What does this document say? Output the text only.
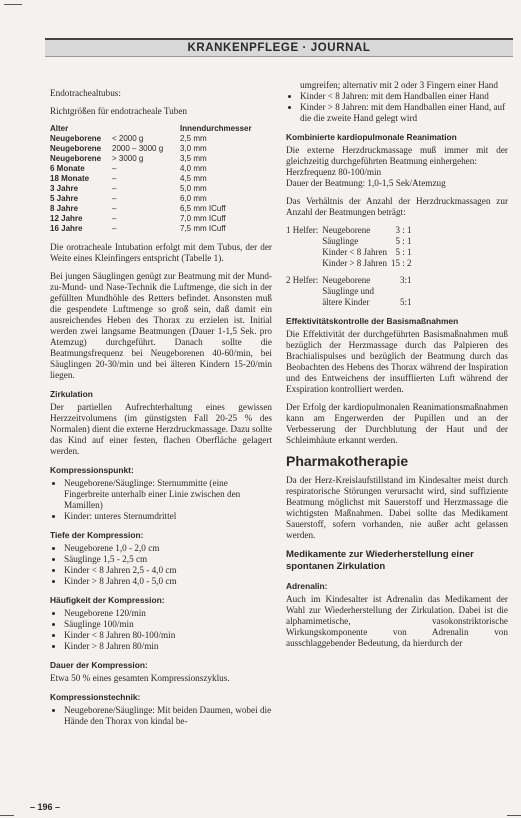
KRANKENPFLEGE · JOURNAL

Endotrachealtubus:

Richtgrößen für endotracheale Tuben

Alter		Innendurchmesser
Neugeborene	< 2000 g	2,5 mm
Neugeborene	2000 – 3000 g	3,0 mm
Neugeborene	> 3000 g	3,5 mm
6 Monate	–	4,0 mm
18 Monate	–	4,5 mm
3 Jahre	–	5,0 mm
5 Jahre	–	6,0 mm
8 Jahre	–	6,5 mm ICuff
12 Jahre	–	7,0 mm ICuff
16 Jahre	–	7,5 mm ICuff

Die orotracheale Intubation erfolgt mit dem Tubus, der der Weite eines Kleinfingers entspricht (Tabelle 1).

Bei jungen Säuglingen genügt zur Beatmung mit der Mund-zu-Mund- und Nase-Technik die Luftmenge, die sich in der gefüllten Mundhöhle des Retters befindet. Ansonsten muß die gespendete Luftmenge so groß sein, daß damit ein ausreichendes Heben des Thorax zu erzielen ist. Initial werden zwei langsame Beatmungen (Dauer 1-1,5 Sek. pro Atemzug) durchgeführt. Danach sollte die Beatmungsfrequenz bei Neugeborenen 40-60/min, bei Säuglingen 20-30/min und bei älteren Kindern 15-20/min liegen.

Zirkulation

Der partiellen Aufrechterhaltung eines gewissen Herzzeitvolumens (im günstigsten Fall 20-25 % des Normalen) dient die externe Herzdruckmassage. Dazu sollte das Kind auf einer festen, flachen Oberfläche gelagert werden.

Kompressionspunkt:
• Neugeborene/Säuglinge: Sternummitte (eine Fingerbreite unterhalb einer Linie zwischen den Mamillen)
• Kinder: unteres Sternumdrittel
Tiefe der Kompression:
• Neugeborene 1,0 - 2,0 cm
• Säuglinge 1,5 - 2,5 cm
• Kinder < 8 Jahren 2,5 - 4,0 cm
• Kinder > 8 Jahren 4,0 - 5,0 cm
Häufigkeit der Kompression:
• Neugeborene 120/min
• Säuglinge 100/min
• Kinder < 8 Jahren 80-100/min
• Kinder > 8 Jahren 80/min
Dauer der Kompression:

Etwa 50 % eines gesamten Kompressionszyklus.

Kompressionstechnik:
• Neugeborene/Säuglinge: Mit beiden Daumen, wobei die Hände den Thorax von kindal be-
umgreifen; alternativ mit 2 oder 3 Fingern einer Hand
• Kinder < 8 Jahren: mit dem Handballen einer Hand
• Kinder > 8 Jahren: mit dem Handballen einer Hand, auf die die zweite Hand gelegt wird
Kombinierte kardiopulmonale Reanimation

Die externe Herzdruckmassage muß immer mit der gleichzeitig durchgeführten Beatmung einhergehen:

Herzfrequenz 80-100/min

Dauer der Beatmung: 1,0-1,5 Sek/Atemzug

Das Verhältnis der Anzahl der Herzdruckmassagen zur Anzahl der Beatmungen beträgt:

1 Helfer:	Neugeborene	3 : 1
	Säuglinge	5 : 1
	Kinder < 8 Jahren	5 : 1
	Kinder > 8 Jahren	15 : 2
2 Helfer:	Neugeborene	3:1
	Säuglinge und	
	ältere Kinder	5:1
Effektivitätskontrolle der Basismaßnahmen

Die Effektivität der durchgeführten Basismaßnahmen muß bezüglich der Herzmassage durch das Palpieren des Brachialispulses und bezüglich der Beatmung durch das Beobachten des Hebens des Thorax während der Inspiration und des Entweichens der insufflierten Luft während der Exspiration kontrolliert werden.

Der Erfolg der kardiopulmonalen Reanimationsmaßnahmen kann am Engerwerden der Pupillen und an der Verbesserung der Durchblutung der Haut und der Schleimhäute erkannt werden.

Pharmakotherapie

Da der Herz-Kreislaufstillstand im Kindesalter meist durch respiratorische Störungen verursacht wird, sind suffiziente Beatmung möglichst mit Sauerstoff und Herzmassage die wichtigsten Maßnahmen. Dabei sollte das Medikament Sauerstoff, sofern vorhanden, nie außer acht gelassen werden.

Medikamente zur Wiederherstellung einer spontanen Zirkulation
Adrenalin:

Auch im Kindesalter ist Adrenalin das Medikament der Wahl zur Wiederherstellung der Zirkulation. Dabei ist die alphamimetische, vasokonstriktorische Wirkungskomponente von Adrenalin von ausschlaggebender Bedeutung, da hierdurch der

– 196 –
